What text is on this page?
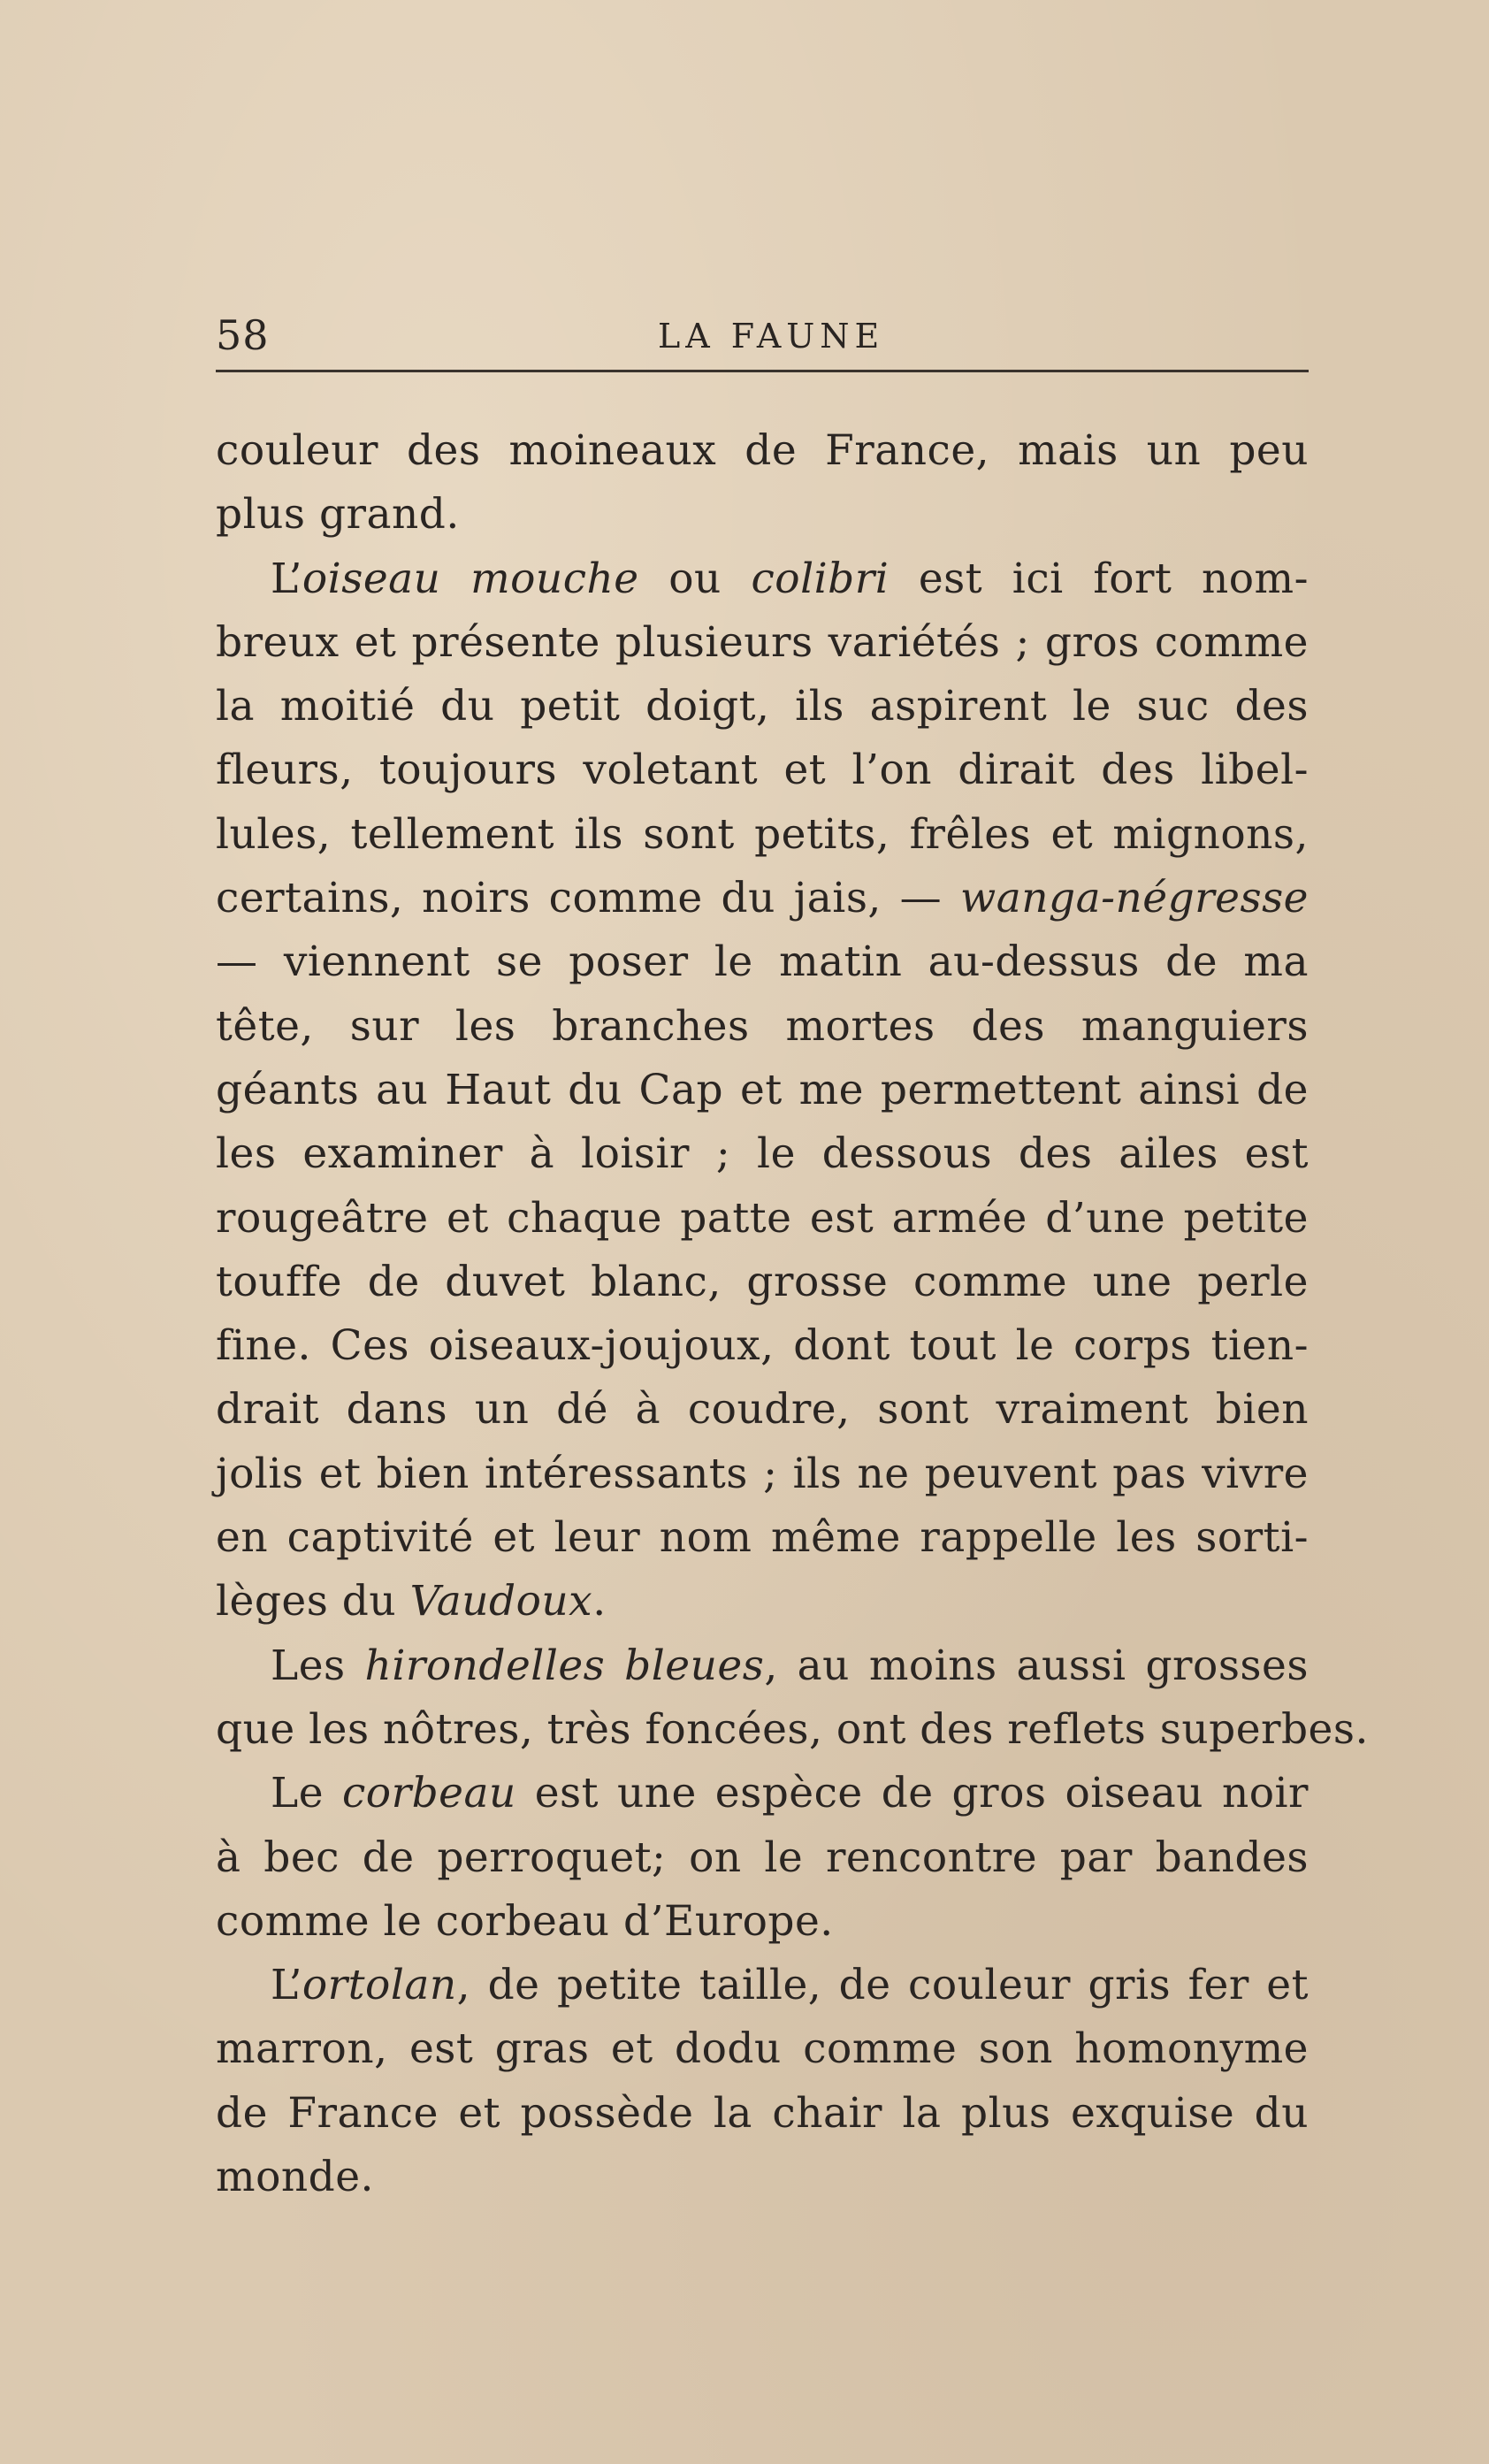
58	LA FAUNE
couleur des moineaux de France, mais un peu
plus grand.
L’oiseau mouche ou colibri est ici fort nom-
breux et présente plusieurs variétés ; gros comme
la moitié du petit doigt, ils aspirent le suc des
fleurs, toujours voletant et l’on dirait des libel-
lules, tellement ils sont petits, frêles et mignons,
certains, noirs comme du jais, — wanga-négresse
— viennent se poser le matin au-dessus de ma
tête, sur les branches mortes des manguiers
géants au Haut du Cap et me permettent ainsi de
les examiner à loisir ; le dessous des ailes est
rougeâtre et chaque patte est armée d’une petite
touffe de duvet blanc, grosse comme une perle
fine. Ces oiseaux-joujoux, dont tout le corps tien-
drait dans un dé à coudre, sont vraiment bien
jolis et bien intéressants ; ils ne peuvent pas vivre
en captivité et leur nom même rappelle les sorti-
lèges du Vaudoux.
Les hirondelles bleues, au moins aussi grosses
que les nôtres, très foncées, ont des reflets superbes.
Le corbeau est une espèce de gros oiseau noir
à bec de perroquet; on le rencontre par bandes
comme le corbeau d’Europe.
L’ortolan, de petite taille, de couleur gris fer et
marron, est gras et dodu comme son homonyme
de France et possède la chair la plus exquise du
monde.
